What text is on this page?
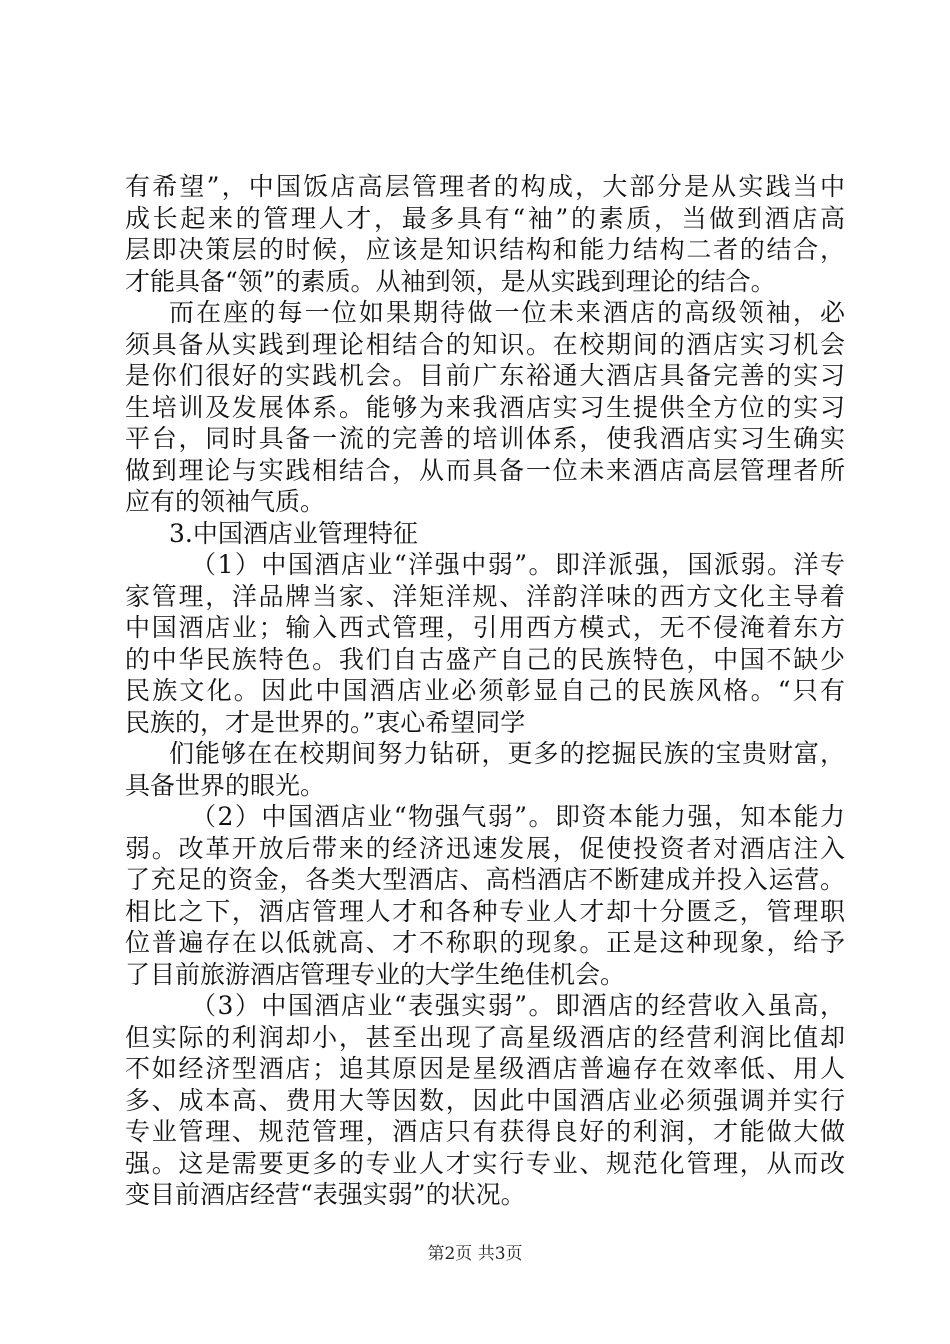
有希望”，中国饭店高层管理者的构成，大部分是从实践当中
成长起来的管理人才，最多具有“袖”的素质，当做到酒店高
层即决策层的时候，应该是知识结构和能力结构二者的结合，
才能具备“领”的素质。从袖到领，是从实践到理论的结合。
而在座的每一位如果期待做一位未来酒店的高级领袖，必
须具备从实践到理论相结合的知识。在校期间的酒店实习机会
是你们很好的实践机会。目前广东裕通大酒店具备完善的实习
生培训及发展体系。能够为来我酒店实习生提供全方位的实习
平台，同时具备一流的完善的培训体系，使我酒店实习生确实
做到理论与实践相结合，从而具备一位未来酒店高层管理者所
应有的领袖气质。
3.中国酒店业管理特征
（1）中国酒店业“洋强中弱”。即洋派强，国派弱。洋专
家管理，洋品牌当家、洋矩洋规、洋韵洋味的西方文化主导着
中国酒店业；输入西式管理，引用西方模式，无不侵淹着东方
的中华民族特色。我们自古盛产自己的民族特色，中国不缺少
民族文化。因此中国酒店业必须彰显自己的民族风格。“只有
民族的，才是世界的。”衷心希望同学
们能够在在校期间努力钻研，更多的挖掘民族的宝贵财富，
具备世界的眼光。
（2）中国酒店业“物强气弱”。即资本能力强，知本能力
弱。改革开放后带来的经济迅速发展，促使投资者对酒店注入
了充足的资金，各类大型酒店、高档酒店不断建成并投入运营。
相比之下，酒店管理人才和各种专业人才却十分匮乏，管理职
位普遍存在以低就高、才不称职的现象。正是这种现象，给予
了目前旅游酒店管理专业的大学生绝佳机会。
（3）中国酒店业“表强实弱”。即酒店的经营收入虽高，
但实际的利润却小，甚至出现了高星级酒店的经营利润比值却
不如经济型酒店；追其原因是星级酒店普遍存在效率低、用人
多、成本高、费用大等因数，因此中国酒店业必须强调并实行
专业管理、规范管理，酒店只有获得良好的利润，才能做大做
强。这是需要更多的专业人才实行专业、规范化管理，从而改
变目前酒店经营“表强实弱”的状况。
第2页 共3页
